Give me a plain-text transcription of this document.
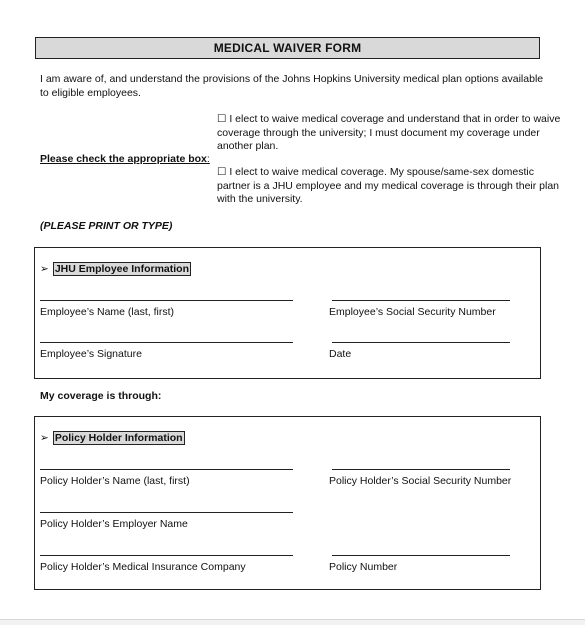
MEDICAL WAIVER FORM
I am aware of, and understand the provisions of the Johns Hopkins University medical plan options available to eligible employees.
☐ I elect to waive medical coverage and understand that in order to waive coverage through the university; I must document my coverage under another plan.
Please check the appropriate box:
☐ I elect to waive medical coverage. My spouse/same-sex domestic partner is a JHU employee and my medical coverage is through their plan with the university.
(PLEASE PRINT OR TYPE)
➢ JHU Employee Information
Employee’s Name (last, first)	Employee’s Social Security Number
Employee’s Signature	Date
My coverage is through:
➢ Policy Holder Information
Policy Holder’s Name (last, first)	Policy Holder’s Social Security Number
Policy Holder’s Employer Name
Policy Holder’s Medical Insurance Company	Policy Number
